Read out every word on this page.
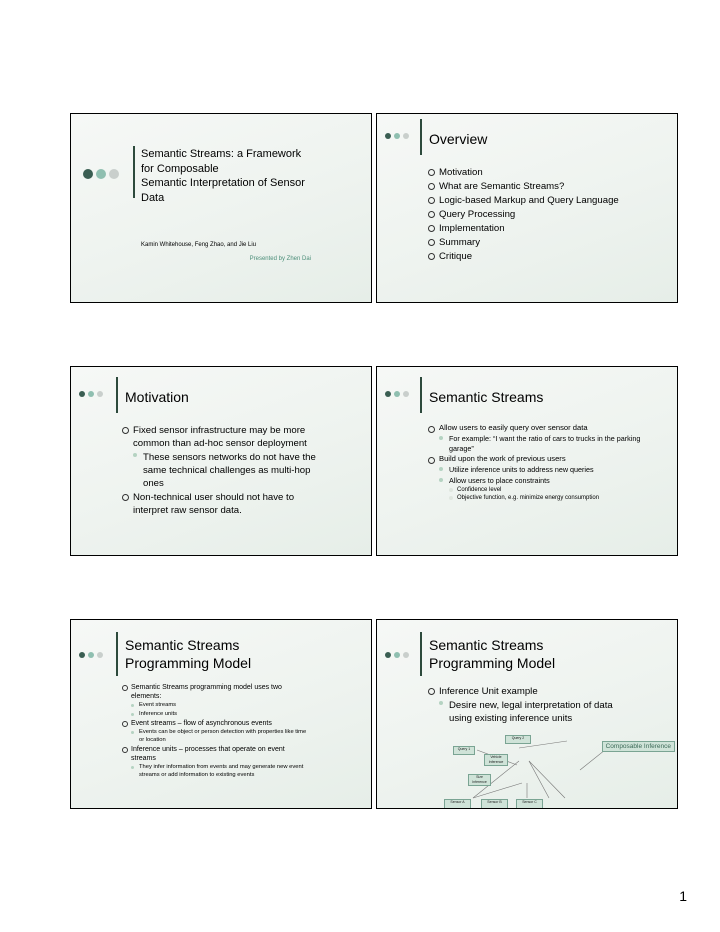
Semantic Streams: a Framework
for Composable
Semantic Interpretation of Sensor
Data
Kamin Whitehouse, Feng Zhao, and Jie Liu
Presented by Zhen Dai
Overview
Motivation
What are Semantic Streams?
Logic-based Markup and Query Language
Query Processing
Implementation
Summary
Critique
Motivation
Fixed sensor infrastructure may be more common than ad-hoc sensor deployment
These sensors networks do not have the same technical challenges as multi-hop ones
Non-technical user should not have to interpret raw sensor data.
Semantic Streams
Allow users to easily query over sensor data
For example: “I want the ratio of cars to trucks in the parking garage”
Build upon the work of previous users
Utilize inference units to address new queries
Allow users to place constraints
Confidence level
Objective function, e.g. minimize energy consumption
Semantic Streams
Programming Model
Semantic Streams programming model uses two elements:
Event streams
Inference units
Event streams – flow of asynchronous events
Events can be object or person detection with properties like time or location
Inference units – processes that operate on event streams
They infer information from events and may generate new event streams or add information to existing events
Semantic Streams
Programming Model
Inference Unit example
Desire new, legal interpretation of data using existing inference units
Query 1
Query 2
Vehicle Inference
Size Inference
Sensor A	Sensor B	Sensor C
Composable Inference
1
